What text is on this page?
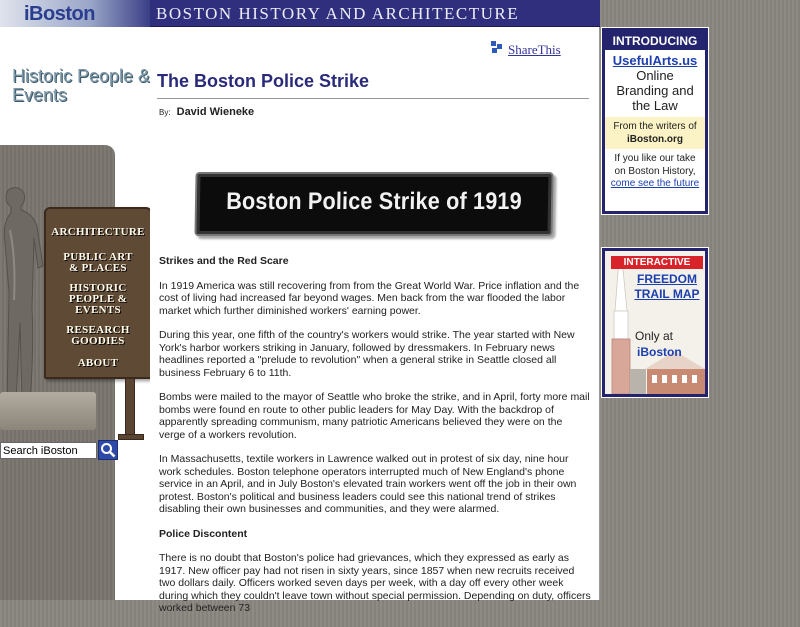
iBoston
Historic People & Events
ARCHITECTURE
PUBLIC ART & PLACES
HISTORIC PEOPLE & EVENTS
RESEARCH GOODIES
ABOUT
Search iBoston
BOSTON HISTORY AND ARCHITECTURE
ShareThis
The Boston Police Strike
By: David Wieneke
Boston Police Strike of 1919
Strikes and the Red Scare

In 1919 America was still recovering from from the Great World War. Price inflation and the cost of living had increased far beyond wages. Men back from the war flooded the labor market which further diminished workers' earning power.

During this year, one fifth of the country's workers would strike. The year started with New York's harbor workers striking in January, followed by dressmakers. In February news headlines reported a "prelude to revolution" when a general strike in Seattle closed all business February 6 to 11th.

Bombs were mailed to the mayor of Seattle who broke the strike, and in April, forty more mail bombs were found en route to other public leaders for May Day. With the backdrop of apparently spreading communism, many patriotic Americans believed they were on the verge of a workers revolution.

In Massachusetts, textile workers in Lawrence walked out in protest of six day, nine hour work schedules. Boston telephone operators interrupted much of New England's phone service in an April, and in July Boston's elevated train workers went off the job in their own protest. Boston's political and business leaders could see this national trend of strikes disabling their own businesses and communities, and they were alarmed.

Police Discontent

There is no doubt that Boston's police had grievances, which they expressed as early as 1917. New officer pay had not risen in sixty years, since 1857 when new recruits received two dollars daily. Officers worked seven days per week, with a day off every other week during which they couldn't leave town without special permission. Depending on duty, officers worked between 73

INTRODUCING
UsefulArts.us
Online Branding and the Law
From the writers of
iBoston.org
If you like our take on Boston History, come see the future
INTERACTIVE
FREEDOM TRAIL MAP
Only at
iBoston
